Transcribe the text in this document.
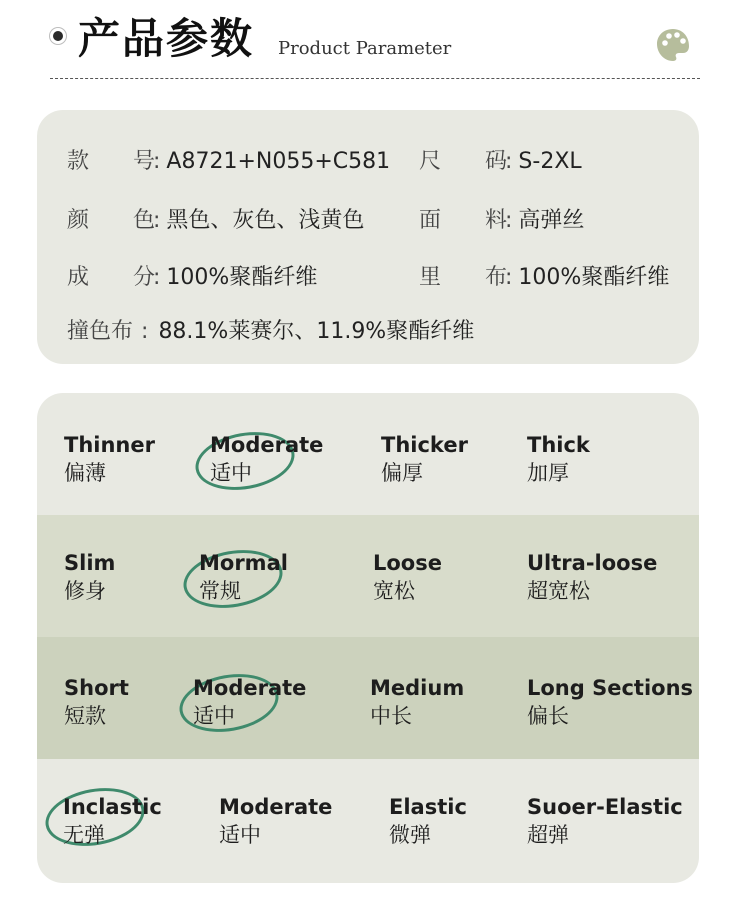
产品参数 Product Parameter
款　　号: A8721+N055+C581 尺　　码: S-2XL
颜　　色: 黑色、灰色、浅黄色 面　　料: 高弹丝
成　　分: 100%聚酯纤维	里　　布: 100%聚酯纤维
撞色布 : 88.1%莱赛尔、11.9%聚酯纤维
Thinner
偏薄
Moderate
适中
Thicker
偏厚
Thick
加厚
Slim
修身
Mormal
常规
Loose
宽松
Ultra-loose
超宽松
Short
短款
Moderate
适中
Medium
中长
Long Sections
偏长
Inclastic
无弹
Moderate
适中
Elastic
微弹
Suoer-Elastic
超弹
